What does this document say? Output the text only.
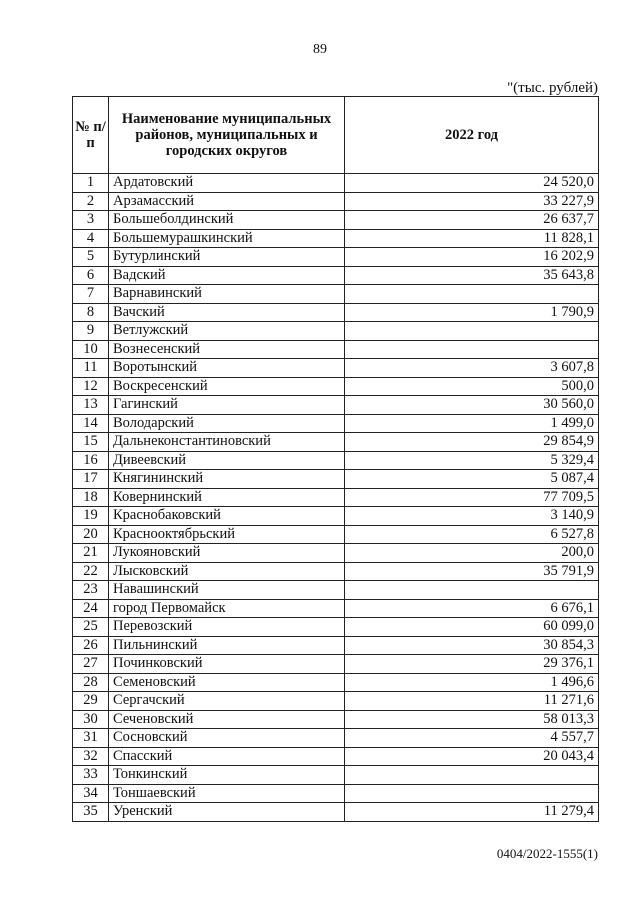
89
"(тыс. рублей)
№ п/п	Наименование муниципальных районов, муниципальных и городских округов	2022 год
1	Ардатовский	24 520,0
2	Арзамасский	33 227,9
3	Большеболдинский	26 637,7
4	Большемурашкинский	11 828,1
5	Бутурлинский	16 202,9
6	Вадский	35 643,8
7	Варнавинский	
8	Вачский	1 790,9
9	Ветлужский	
10	Вознесенский	
11	Воротынский	3 607,8
12	Воскресенский	500,0
13	Гагинский	30 560,0
14	Володарский	1 499,0
15	Дальнеконстантиновский	29 854,9
16	Дивеевский	5 329,4
17	Княгининский	5 087,4
18	Ковернинский	77 709,5
19	Краснобаковский	3 140,9
20	Краснооктябрьский	6 527,8
21	Лукояновский	200,0
22	Лысковский	35 791,9
23	Навашинский	
24	город Первомайск	6 676,1
25	Перевозский	60 099,0
26	Пильнинский	30 854,3
27	Починковский	29 376,1
28	Семеновский	1 496,6
29	Сергачский	11 271,6
30	Сеченовский	58 013,3
31	Сосновский	4 557,7
32	Спасский	20 043,4
33	Тонкинский	
34	Тоншаевский	
35	Уренский	11 279,4
0404/2022-1555(1)
